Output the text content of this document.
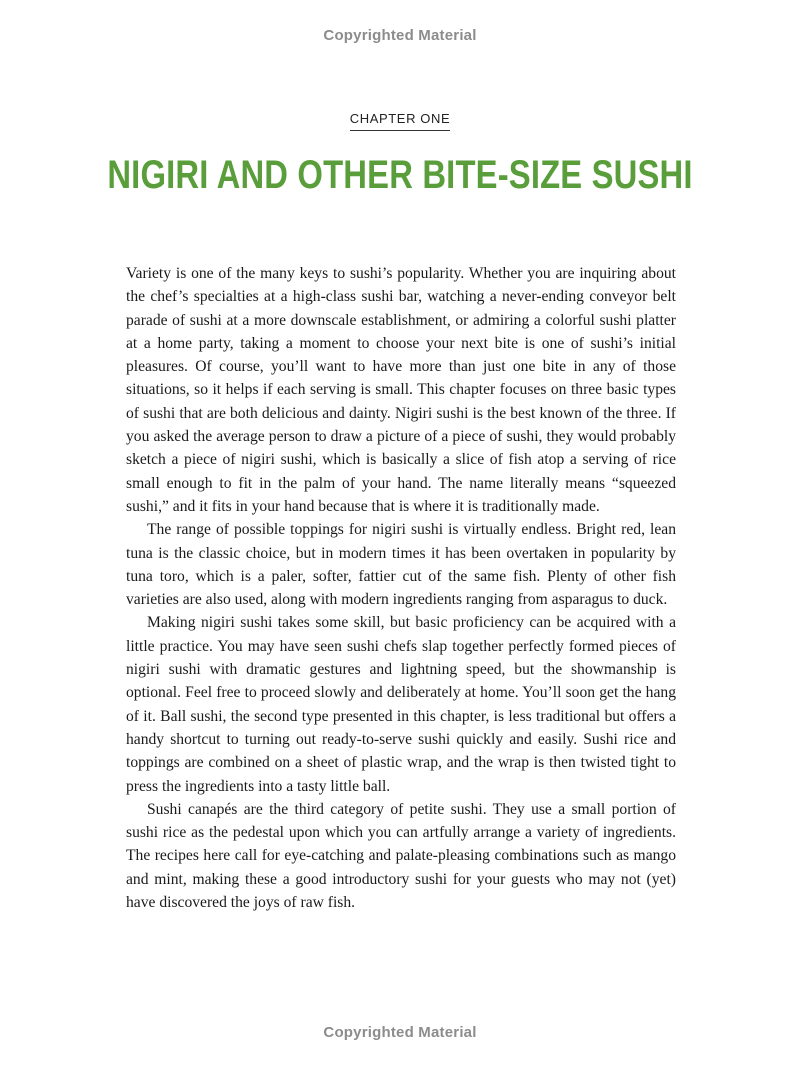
Copyrighted Material
CHAPTER ONE
NIGIRI AND OTHER BITE-SIZE SUSHI

Variety is one of the many keys to sushi’s popularity. Whether you are inquiring about the chef’s specialties at a high-class sushi bar, watching a never-ending conveyor belt parade of sushi at a more downscale establishment, or admiring a colorful sushi platter at a home party, taking a moment to choose your next bite is one of sushi’s initial pleasures. Of course, you’ll want to have more than just one bite in any of those situations, so it helps if each serving is small. This chapter focuses on three basic types of sushi that are both delicious and dainty. Nigiri sushi is the best known of the three. If you asked the average person to draw a picture of a piece of sushi, they would probably sketch a piece of nigiri sushi, which is basically a slice of fish atop a serving of rice small enough to fit in the palm of your hand. The name literally means “squeezed sushi,” and it fits in your hand because that is where it is traditionally made.

The range of possible toppings for nigiri sushi is virtually endless. Bright red, lean tuna is the classic choice, but in modern times it has been overtaken in popularity by tuna toro, which is a paler, softer, fattier cut of the same fish. Plenty of other fish varieties are also used, along with modern ingredients ranging from asparagus to duck.

Making nigiri sushi takes some skill, but basic proficiency can be acquired with a little practice. You may have seen sushi chefs slap together perfectly formed pieces of nigiri sushi with dramatic gestures and lightning speed, but the showmanship is optional. Feel free to proceed slowly and deliberately at home. You’ll soon get the hang of it. Ball sushi, the second type presented in this chapter, is less traditional but offers a handy shortcut to turning out ready-to-serve sushi quickly and easily. Sushi rice and toppings are combined on a sheet of plastic wrap, and the wrap is then twisted tight to press the ingredients into a tasty little ball.

Sushi canapés are the third category of petite sushi. They use a small portion of sushi rice as the pedestal upon which you can artfully arrange a variety of ingredients. The recipes here call for eye-catching and palate-pleasing combinations such as mango and mint, making these a good introductory sushi for your guests who may not (yet) have discovered the joys of raw fish.

Copyrighted Material
